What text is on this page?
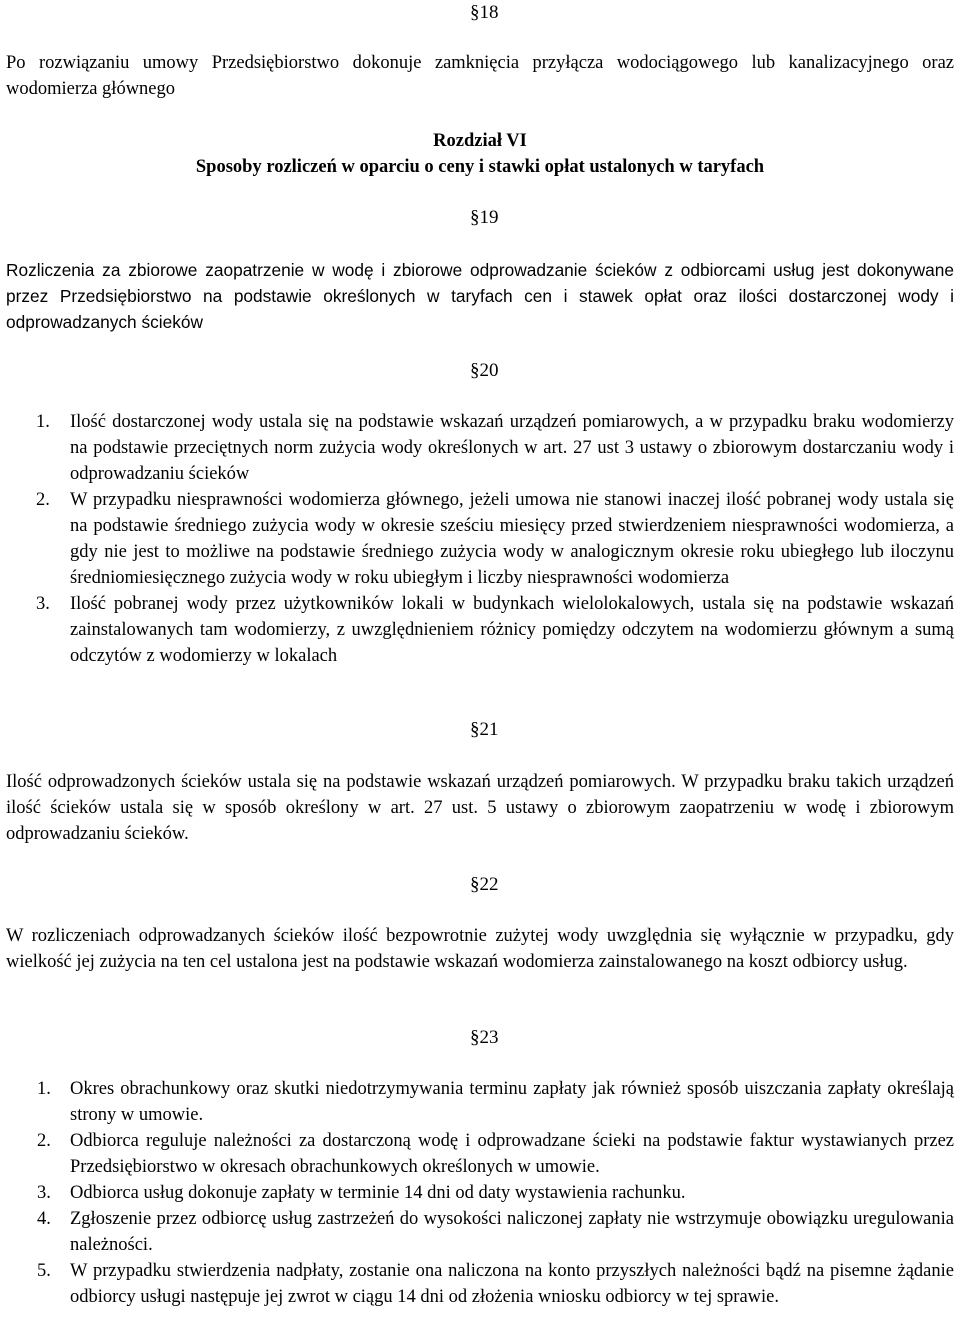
§18

Po rozwiązaniu umowy Przedsiębiorstwo dokonuje zamknięcia przyłącza wodociągowego lub kanalizacyjnego oraz wodomierza głównego

Rozdział VI
Sposoby rozliczeń w oparciu o ceny i stawki opłat ustalonych w taryfach
§19

Rozliczenia za zbiorowe zaopatrzenie w wodę i zbiorowe odprowadzanie ścieków z odbiorcami usług jest dokonywane przez Przedsiębiorstwo na podstawie określonych w taryfach cen i stawek opłat oraz ilości dostarczonej wody i odprowadzanych ścieków

§20
1. Ilość dostarczonej wody ustala się na podstawie wskazań urządzeń pomiarowych, a w przypadku braku wodomierzy na podstawie przeciętnych norm zużycia wody określonych w art. 27 ust 3 ustawy o zbiorowym dostarczaniu wody i odprowadzaniu ścieków
2. W przypadku niesprawności wodomierza głównego, jeżeli umowa nie stanowi inaczej ilość pobranej wody ustala się na podstawie średniego zużycia wody w okresie sześciu miesięcy przed stwierdzeniem niesprawności wodomierza, a gdy nie jest to możliwe na podstawie średniego zużycia wody w analogicznym okresie roku ubiegłego lub iloczynu średniomiesięcznego zużycia wody w roku ubiegłym i liczby niesprawności wodomierza
3. Ilość pobranej wody przez użytkowników lokali w budynkach wielolokalowych, ustala się na podstawie wskazań zainstalowanych tam wodomierzy, z uwzględnieniem różnicy pomiędzy odczytem na wodomierzu głównym a sumą odczytów z wodomierzy w lokalach
§21

Ilość odprowadzonych ścieków ustala się na podstawie wskazań urządzeń pomiarowych. W przypadku braku takich urządzeń ilość ścieków ustala się w sposób określony w art. 27 ust. 5 ustawy o zbiorowym zaopatrzeniu w wodę i zbiorowym odprowadzaniu ścieków.

§22

W rozliczeniach odprowadzanych ścieków ilość bezpowrotnie zużytej wody uwzględnia się wyłącznie w przypadku, gdy wielkość jej zużycia na ten cel ustalona jest na podstawie wskazań wodomierza zainstalowanego na koszt odbiorcy usług.

§23
1. Okres obrachunkowy oraz skutki niedotrzymywania terminu zapłaty jak również sposób uiszczania zapłaty określają strony w umowie.
2. Odbiorca reguluje należności za dostarczoną wodę i odprowadzane ścieki na podstawie faktur wystawianych przez Przedsiębiorstwo w okresach obrachunkowych określonych w umowie.
3. Odbiorca usług dokonuje zapłaty w terminie 14 dni od daty wystawienia rachunku.
4. Zgłoszenie przez odbiorcę usług zastrzeżeń do wysokości naliczonej zapłaty nie wstrzymuje obowiązku uregulowania należności.
5. W przypadku stwierdzenia nadpłaty, zostanie ona naliczona na konto przyszłych należności bądź na pisemne żądanie odbiorcy usługi następuje jej zwrot w ciągu 14 dni od złożenia wniosku odbiorcy w tej sprawie.
